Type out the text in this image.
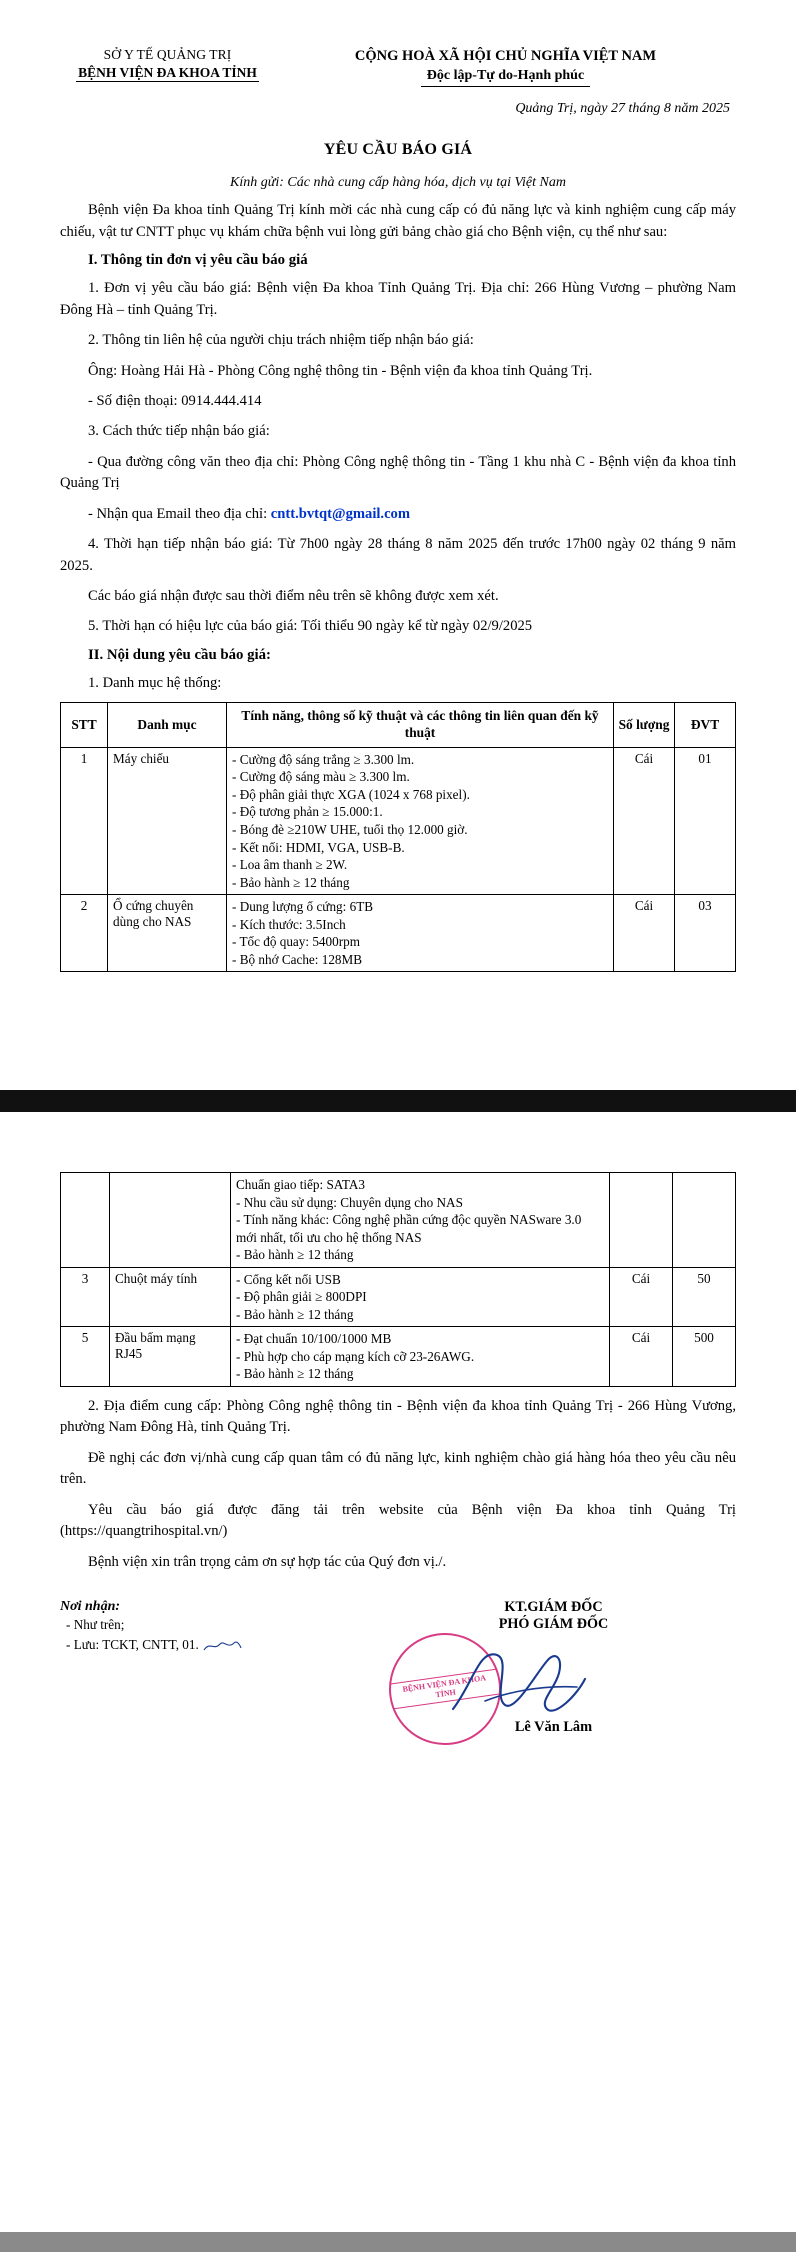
SỞ Y TẾ QUẢNG TRỊ
BỆNH VIỆN ĐA KHOA TỈNH
CỘNG HOÀ XÃ HỘI CHỦ NGHĨA VIỆT NAM
Độc lập-Tự do-Hạnh phúc
Quảng Trị, ngày 27 tháng 8 năm 2025
YÊU CẦU BÁO GIÁ
Kính gửi: Các nhà cung cấp hàng hóa, dịch vụ tại Việt Nam

Bệnh viện Đa khoa tỉnh Quảng Trị kính mời các nhà cung cấp có đủ năng lực và kinh nghiệm cung cấp máy chiếu, vật tư CNTT phục vụ khám chữa bệnh vui lòng gửi bảng chào giá cho Bệnh viện, cụ thể như sau:

I. Thông tin đơn vị yêu cầu báo giá

1. Đơn vị yêu cầu báo giá: Bệnh viện Đa khoa Tỉnh Quảng Trị. Địa chỉ: 266 Hùng Vương – phường Nam Đông Hà – tỉnh Quảng Trị.

2. Thông tin liên hệ của người chịu trách nhiệm tiếp nhận báo giá:

Ông: Hoàng Hải Hà - Phòng Công nghệ thông tin - Bệnh viện đa khoa tỉnh Quảng Trị.

- Số điện thoại: 0914.444.414

3. Cách thức tiếp nhận báo giá:

- Qua đường công văn theo địa chỉ: Phòng Công nghệ thông tin - Tầng 1 khu nhà C - Bệnh viện đa khoa tỉnh Quảng Trị

- Nhận qua Email theo địa chỉ: cntt.bvtqt@gmail.com

4. Thời hạn tiếp nhận báo giá: Từ 7h00 ngày 28 tháng 8 năm 2025 đến trước 17h00 ngày 02 tháng 9 năm 2025.

Các báo giá nhận được sau thời điểm nêu trên sẽ không được xem xét.

5. Thời hạn có hiệu lực của báo giá: Tối thiểu 90 ngày kể từ ngày 02/9/2025

II. Nội dung yêu cầu báo giá:

1. Danh mục hệ thống:

STT	Danh mục	Tính năng, thông số kỹ thuật và các thông tin liên quan đến kỹ thuật	Số lượng	ĐVT
1	Máy chiếu	- Cường độ sáng trắng ≥ 3.300 lm.
- Cường độ sáng màu ≥ 3.300 lm.
- Độ phân giải thực XGA (1024 x 768 pixel).
- Độ tương phản ≥ 15.000:1.
- Bóng đè ≥210W UHE, tuổi thọ 12.000 giờ.
- Kết nối: HDMI, VGA, USB-B.
- Loa âm thanh ≥ 2W.
- Bảo hành ≥ 12 tháng
	Cái	01
2	Ổ cứng chuyên dùng cho NAS	- Dung lượng ổ cứng: 6TB
- Kích thước: 3.5Inch
- Tốc độ quay: 5400rpm
- Bộ nhớ Cache: 128MB	Cái	03

		Chuẩn giao tiếp: SATA3
- Nhu cầu sử dụng: Chuyên dụng cho NAS
- Tính năng khác: Công nghệ phần cứng độc quyền NASware 3.0 mới nhất, tối ưu cho hệ thống NAS
- Bảo hành ≥ 12 tháng		

3	Chuột máy tính	- Cổng kết nối USB
- Độ phân giải ≥ 800DPI
- Bảo hành ≥ 12 tháng	Cái	50
5	Đầu bấm mạng RJ45	- Đạt chuẩn 10/100/1000 MB
- Phù hợp cho cáp mạng kích cỡ 23-26AWG.
- Bảo hành ≥ 12 tháng	Cái	500

2. Địa điểm cung cấp: Phòng Công nghệ thông tin - Bệnh viện đa khoa tỉnh Quảng Trị - 266 Hùng Vương, phường Nam Đông Hà, tỉnh Quảng Trị.

Đề nghị các đơn vị/nhà cung cấp quan tâm có đủ năng lực, kinh nghiệm chào giá hàng hóa theo yêu cầu nêu trên.

Yêu cầu báo giá được đăng tải trên website của Bệnh viện Đa khoa tỉnh Quảng Trị (https://quangtrihospital.vn/)

Bệnh viện xin trân trọng cảm ơn sự hợp tác của Quý đơn vị./.

Nơi nhận:
- Như trên;
- Lưu: TCKT, CNTT, 01.
KT.GIÁM ĐỐC
PHÓ GIÁM ĐỐC
BỆNH VIỆN ĐA KHOA TỈNH
Lê Văn Lâm
